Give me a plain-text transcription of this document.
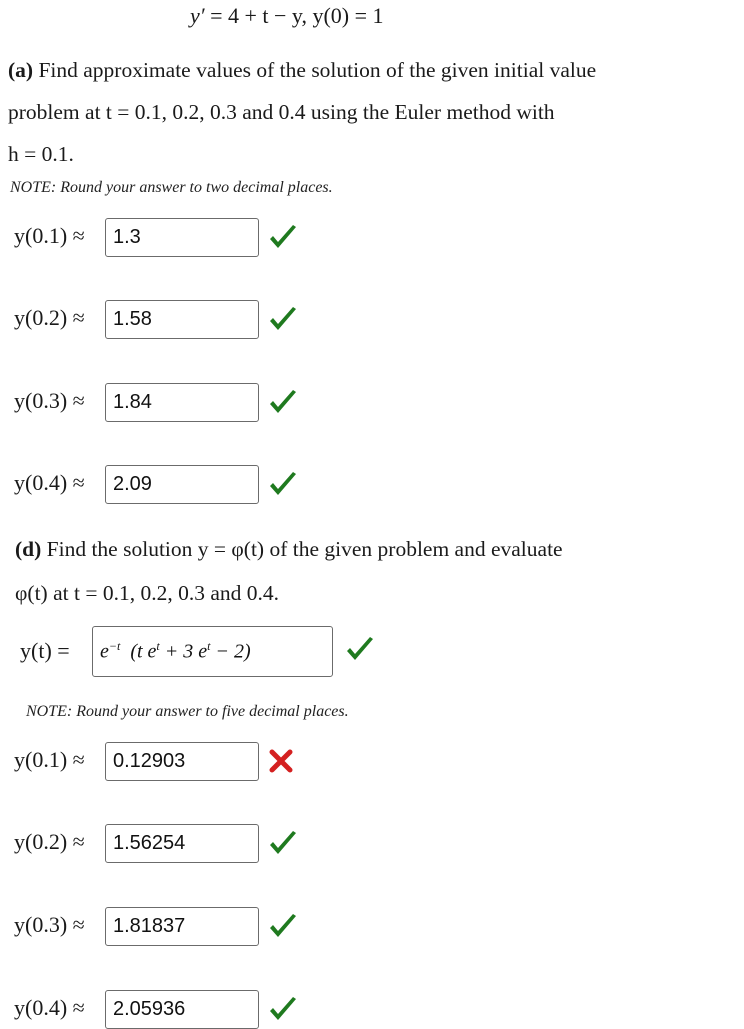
y′ = 4 + t − y, y(0) = 1
(a) Find approximate values of the solution of the given initial value
problem at t = 0.1, 0.2, 0.3 and 0.4 using the Euler method with
h = 0.1.
NOTE: Round your answer to two decimal places.
y(0.1) ≈	1.3
y(0.2) ≈	1.58
y(0.3) ≈	1.84
y(0.4) ≈	2.09
(d) Find the solution y = φ(t) of the given problem and evaluate
φ(t) at t = 0.1, 0.2, 0.3 and 0.4.
y(t) =	$e^{-t}$ (t $e^t + 3$ $e^t - 2$)
NOTE: Round your answer to five decimal places.
y(0.1) ≈	0.12903
y(0.2) ≈	1.56254
y(0.3) ≈	1.81837
y(0.4) ≈	2.05936
